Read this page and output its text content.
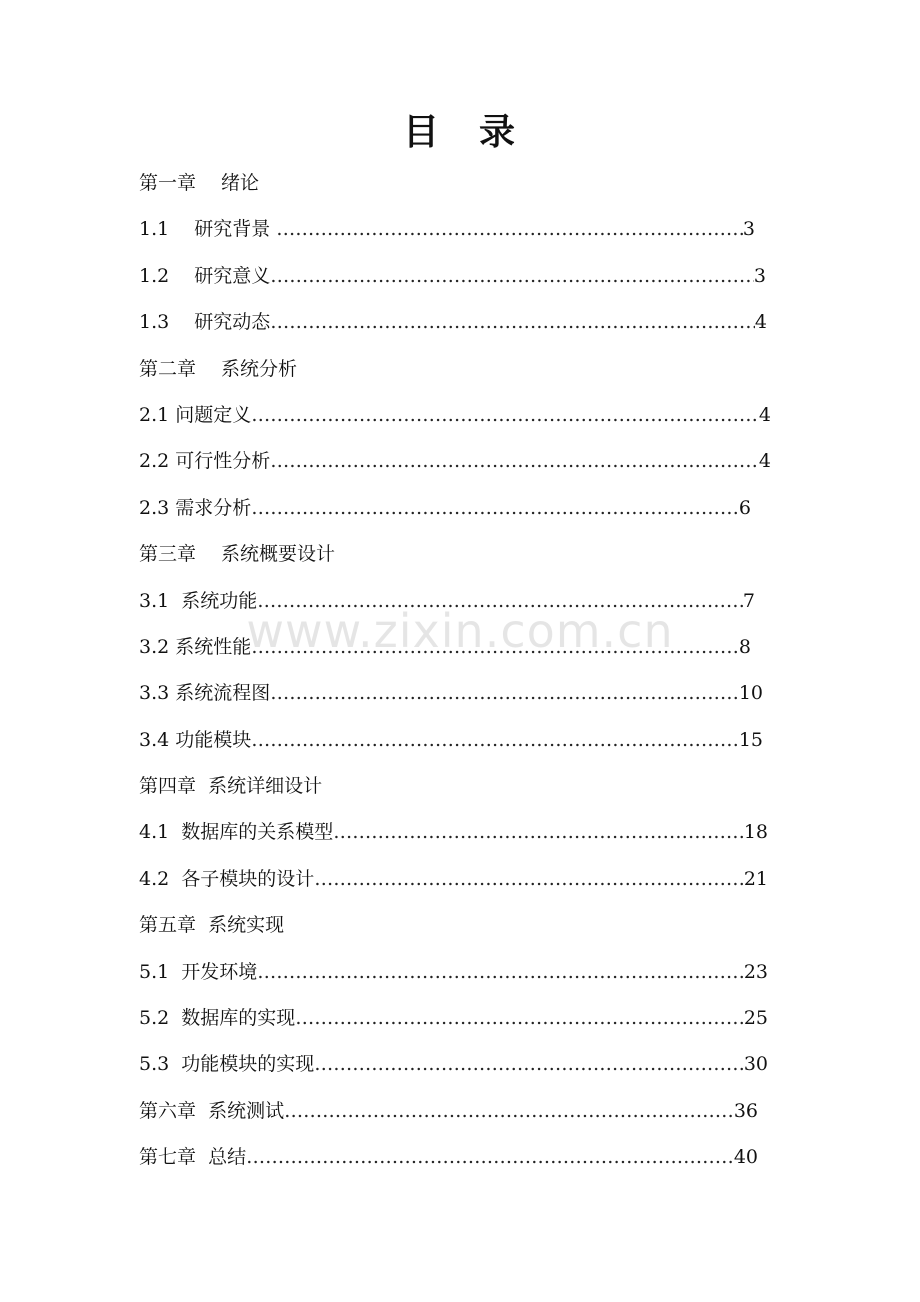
目　录
www.zixin.com.cn
第一章　 绪论
1.1　 研究背景 …………………………………………………………………………………………………………………………………	3
1.2　 研究意义 …………………………………………………………………………………………………………………………………	3
1.3　 研究动态 …………………………………………………………………………………………………………………………………	4
第二章　 系统分析
2.1 问题定义 …………………………………………………………………………………………………………………………………	4
2.2 可行性分析 …………………………………………………………………………………………………………………………………	4
2.3 需求分析 …………………………………………………………………………………………………………………………………	6
第三章　 系统概要设计
3.1  系统功能 …………………………………………………………………………………………………………………………………	7
3.2 系统性能 …………………………………………………………………………………………………………………………………	8
3.3 系统流程图 …………………………………………………………………………………………………………………………………	10
3.4 功能模块 …………………………………………………………………………………………………………………………………	15
第四章  系统详细设计
4.1  数据库的关系模型 …………………………………………………………………………………………………………………………………	18
4.2  各子模块的设计 …………………………………………………………………………………………………………………………………	21
第五章  系统实现
5.1  开发环境 …………………………………………………………………………………………………………………………………	23
5.2  数据库的实现 …………………………………………………………………………………………………………………………………	25
5.3  功能模块的实现 …………………………………………………………………………………………………………………………………	30
第六章  系统测试 …………………………………………………………………………………………………………………………………	36
第七章  总结 …………………………………………………………………………………………………………………………………	40
